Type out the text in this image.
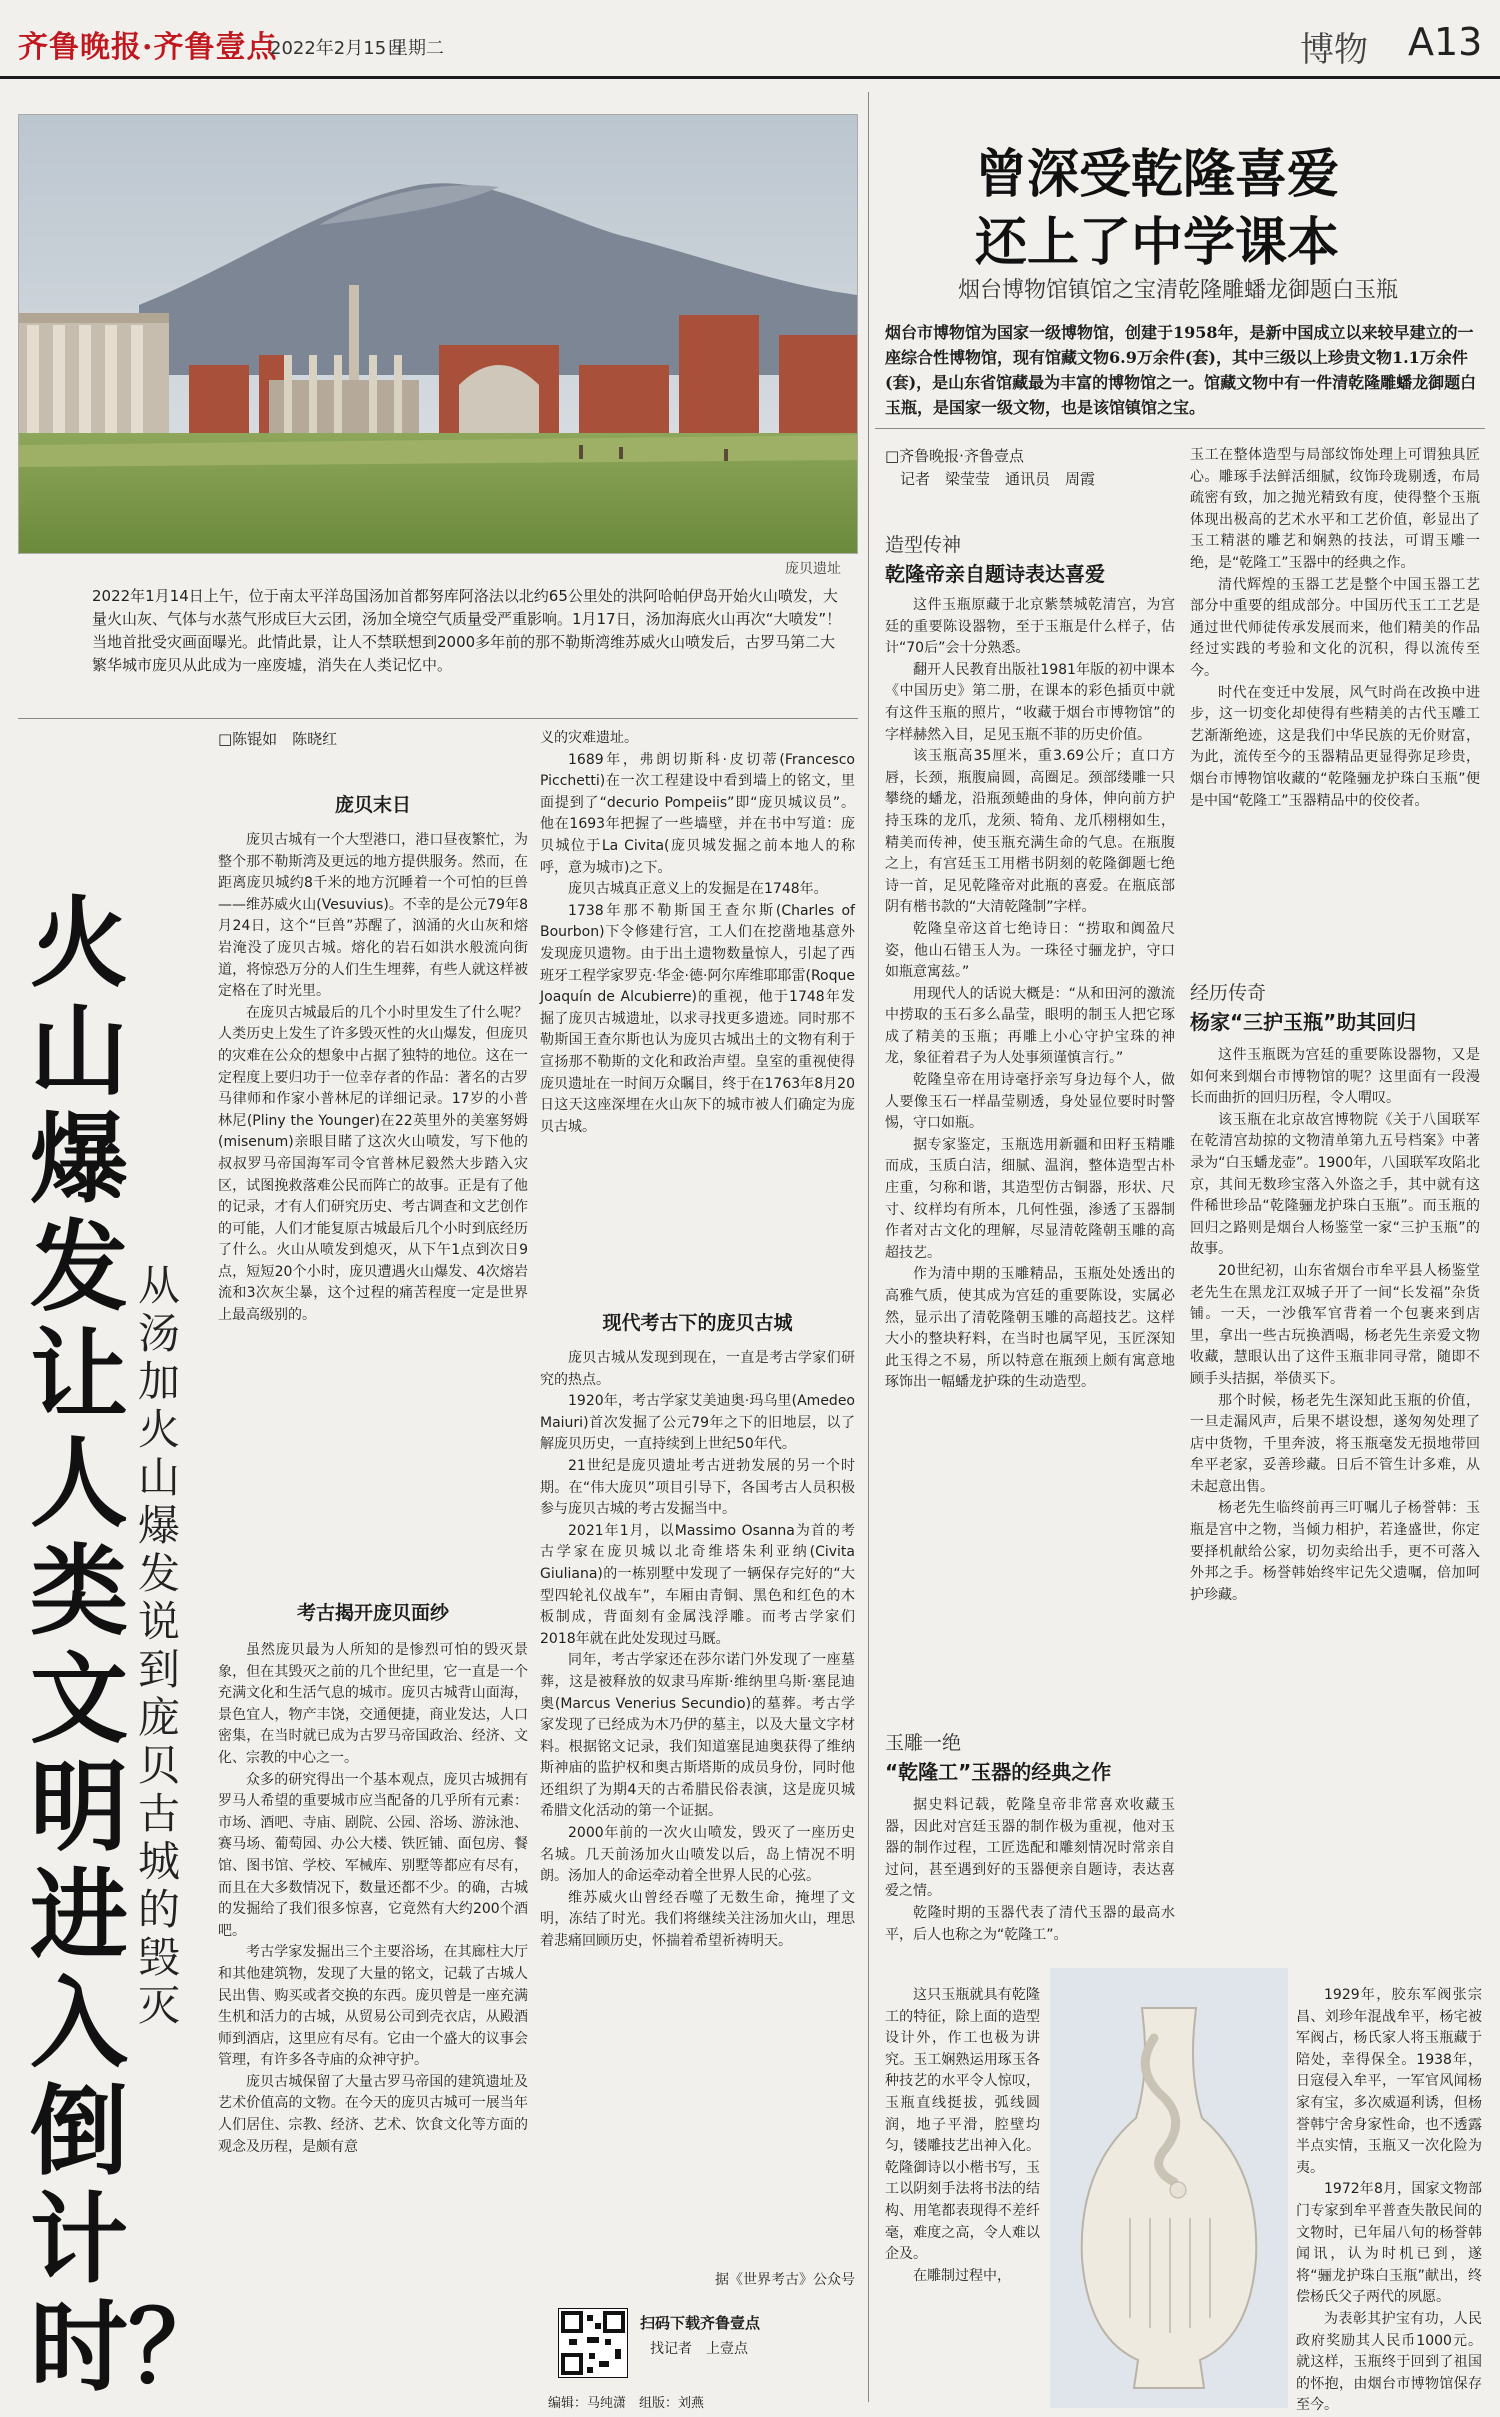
齐鲁晚报·齐鲁壹点
2022年2月15日
星期二	博物 A13
庞贝遗址
2022年1月14日上午，位于南太平洋岛国汤加首都努库阿洛法以北约65公里处的洪阿哈帕伊岛开始火山喷发，大量火山灰、气体与水蒸气形成巨大云团，汤加全境空气质量受严重影响。1月17日，汤加海底火山再次“大喷发”！当地首批受灾画面曝光。此情此景，让人不禁联想到2000多年前的那不勒斯湾维苏威火山喷发后，古罗马第二大繁华城市庞贝从此成为一座废墟，消失在人类记忆中。
曾深受乾隆喜爱
还上了中学课本
烟台博物馆镇馆之宝清乾隆雕蟠龙御题白玉瓶
烟台市博物馆为国家一级博物馆，创建于1958年，是新中国成立以来较早建立的一座综合性博物馆，现有馆藏文物6.9万余件(套)，其中三级以上珍贵文物1.1万余件(套)，是山东省馆藏最为丰富的博物馆之一。馆藏文物中有一件清乾隆雕蟠龙御题白玉瓶，是国家一级文物，也是该馆镇馆之宝。
火山爆发让人类文明进入倒计时？
从汤加火山爆发说到庞贝古城的毁灭
□陈锟如　陈晓红
庞贝末日

庞贝古城有一个大型港口，港口昼夜繁忙，为整个那不勒斯湾及更远的地方提供服务。然而，在距离庞贝城约8千米的地方沉睡着一个可怕的巨兽——维苏威火山(Vesuvius)。不幸的是公元79年8月24日，这个“巨兽”苏醒了，汹涌的火山灰和熔岩淹没了庞贝古城。熔化的岩石如洪水般流向街道，将惊恐万分的人们生生埋葬，有些人就这样被定格在了时光里。

在庞贝古城最后的几个小时里发生了什么呢？人类历史上发生了许多毁灭性的火山爆发，但庞贝的灾难在公众的想象中占据了独特的地位。这在一定程度上要归功于一位幸存者的作品：著名的古罗马律师和作家小普林尼的详细记录。17岁的小普林尼(Pliny the Younger)在22英里外的美塞努姆(misenum)亲眼目睹了这次火山喷发，写下他的叔叔罗马帝国海军司令官普林尼毅然大步踏入灾区，试图挽救落难公民而阵亡的故事。正是有了他的记录，才有人们研究历史、考古调查和文艺创作的可能，人们才能复原古城最后几个小时到底经历了什么。火山从喷发到熄灭，从下午1点到次日9点，短短20个小时，庞贝遭遇火山爆发、4次熔岩流和3次灰尘暴，这个过程的痛苦程度一定是世界上最高级别的。

考古揭开庞贝面纱

虽然庞贝最为人所知的是惨烈可怕的毁灭景象，但在其毁灭之前的几个世纪里，它一直是一个充满文化和生活气息的城市。庞贝古城背山面海，景色宜人，物产丰饶，交通便捷，商业发达，人口密集，在当时就已成为古罗马帝国政治、经济、文化、宗教的中心之一。

众多的研究得出一个基本观点，庞贝古城拥有罗马人希望的重要城市应当配备的几乎所有元素：市场、酒吧、寺庙、剧院、公园、浴场、游泳池、赛马场、葡萄园、办公大楼、铁匠铺、面包房、餐馆、图书馆、学校、军械库、别墅等都应有尽有，而且在大多数情况下，数量还都不少。的确，古城的发掘给了我们很多惊喜，它竟然有大约200个酒吧。

考古学家发掘出三个主要浴场，在其廊柱大厅和其他建筑物，发现了大量的铭文，记载了古城人民出售、购买或者交换的东西。庞贝曾是一座充满生机和活力的古城，从贸易公司到壳衣店，从殿酒师到酒店，这里应有尽有。它由一个盛大的议事会管理，有许多各寺庙的众神守护。

庞贝古城保留了大量古罗马帝国的建筑遗址及艺术价值高的文物。在今天的庞贝古城可一展当年人们居住、宗教、经济、艺术、饮食文化等方面的观念及历程，是颇有意

义的灾难遗址。

1689年，弗朗切斯科·皮切蒂(Francesco Picchetti)在一次工程建设中看到墙上的铭文，里面提到了“decurio Pompeiis”即“庞贝城议员”。他在1693年把握了一些墙壁，并在书中写道：庞贝城位于La Civita(庞贝城发掘之前本地人的称呼，意为城市)之下。

庞贝古城真正意义上的发掘是在1748年。

1738年那不勒斯国王查尔斯(Charles of Bourbon)下令修建行宫，工人们在挖凿地基意外发现庞贝遗物。由于出土遗物数量惊人，引起了西班牙工程学家罗克·华金·德·阿尔库维耶耶雷(Roque Joaquín de Alcubierre)的重视，他于1748年发掘了庞贝古城遗址，以求寻找更多遗迹。同时那不勒斯国王查尔斯也认为庞贝古城出土的文物有利于宣扬那不勒斯的文化和政治声望。皇室的重视使得庞贝遗址在一时间万众瞩目，终于在1763年8月20日这天这座深埋在火山灰下的城市被人们确定为庞贝古城。

现代考古下的庞贝古城

庞贝古城从发现到现在，一直是考古学家们研究的热点。

1920年，考古学家艾美迪奥·玛乌里(Amedeo Maiuri)首次发掘了公元79年之下的旧地层，以了解庞贝历史，一直持续到上世纪50年代。

21世纪是庞贝遗址考古迸勃发展的另一个时期。在“伟大庞贝”项目引导下，各国考古人员积极参与庞贝古城的考古发掘当中。

2021年1月，以Massimo Osanna为首的考古学家在庞贝城以北奇维塔朱利亚纳(Civita Giuliana)的一栋别墅中发现了一辆保存完好的“大型四轮礼仪战车”，车厢由青铜、黑色和红色的木板制成，背面刻有金属浅浮雕。而考古学家们2018年就在此处发现过马厩。

同年，考古学家还在莎尔诺门外发现了一座墓葬，这是被释放的奴隶马库斯·维纳里乌斯·塞昆迪奥(Marcus Venerius Secundio)的墓葬。考古学家发现了已经成为木乃伊的墓主，以及大量文字材料。根据铭文记录，我们知道塞昆迪奥获得了维纳斯神庙的监护权和奥古斯塔斯的成员身份，同时他还组织了为期4天的古希腊民俗表演，这是庞贝城希腊文化活动的第一个证据。

2000年前的一次火山喷发，毁灭了一座历史名城。几天前汤加火山喷发以后，岛上情况不明朗。汤加人的命运牵动着全世界人民的心弦。

维苏威火山曾经吞噬了无数生命，掩埋了文明，冻结了时光。我们将继续关注汤加火山，理思着悲痛回顾历史，怀揣着希望祈祷明天。

据《世界考古》公众号
扫码下载齐鲁壹点
找记者　上壹点
编辑：马纯潇　组版：刘燕
□齐鲁晚报·齐鲁壹点
记者　梁莹莹　通讯员　周霞
造型传神
乾隆帝亲自题诗表达喜爱

这件玉瓶原藏于北京紫禁城乾清宫，为宫廷的重要陈设器物，至于玉瓶是什么样子，估计“70后”会十分熟悉。

翻开人民教育出版社1981年版的初中课本《中国历史》第二册，在课本的彩色插页中就有这件玉瓶的照片，“收藏于烟台市博物馆”的字样赫然入目，足见玉瓶不菲的历史价值。

该玉瓶高35厘米，重3.69公斤；直口方唇，长颈，瓶腹扁圆，高圈足。颈部缕雕一只攀绕的蟠龙，沿瓶颈蜷曲的身体，伸向前方护持玉珠的龙爪，龙须、犄角、龙爪栩栩如生，精美而传神，使玉瓶充满生命的气息。在瓶腹之上，有宫廷玉工用楷书阴刻的乾隆御题七绝诗一首，足见乾隆帝对此瓶的喜爱。在瓶底部阴有楷书款的“大清乾隆制”字样。

乾隆皇帝这首七绝诗日：“捞取和阗盈尺姿，他山石错玉人为。一珠径寸骊龙护，守口如瓶意寓兹。”

用现代人的话说大概是：“从和田河的激流中捞取的玉石多么晶莹，眼明的制玉人把它琢成了精美的玉瓶；再雕上小心守护宝珠的神龙，象征着君子为人处事须谨慎言行。”

乾隆皇帝在用诗毫抒亲写身边每个人，做人要像玉石一样晶莹剔透，身处显位要时时警惕，守口如瓶。

据专家鉴定，玉瓶选用新疆和田籽玉精雕而成，玉质白洁，细腻、温润，整体造型古朴庄重，匀称和谐，其造型仿古铜器，形状、尺寸、纹样均有所本，几何性强，渗透了玉器制作者对古文化的理解，尽显清乾隆朝玉雕的高超技艺。

作为清中期的玉雕精品，玉瓶处处透出的高雅气质，使其成为宫廷的重要陈设，实属必然，显示出了清乾隆朝玉雕的高超技艺。这样大小的整块籽料，在当时也属罕见，玉匠深知此玉得之不易，所以特意在瓶颈上颇有寓意地琢饰出一幅蟠龙护珠的生动造型。

玉雕一绝
“乾隆工”玉器的经典之作

据史料记载，乾隆皇帝非常喜欢收藏玉器，因此对宫廷玉器的制作极为重视，他对玉器的制作过程，工匠选配和雕刻情况时常亲自过问，甚至遇到好的玉器便亲自题诗，表达喜爱之情。

乾隆时期的玉器代表了清代玉器的最高水平，后人也称之为“乾隆工”。

这只玉瓶就具有乾隆工的特征，除上面的造型设计外，作工也极为讲究。玉工娴熟运用琢玉各种技艺的水平令人惊叹，玉瓶直线挺拔，弧线圆润，地子平滑，腔壁均匀，镂雕技艺出神入化。乾隆御诗以小楷书写，玉工以阴刻手法将书法的结构、用笔都表现得不差纤毫，难度之高，令人难以企及。

在雕制过程中，

玉工在整体造型与局部纹饰处理上可谓独具匠心。雕琢手法鲜活细腻，纹饰玲珑剔透，布局疏密有致，加之抛光精致有度，使得整个玉瓶体现出极高的艺术水平和工艺价值，彰显出了玉工精湛的雕艺和娴熟的技法，可谓玉雕一绝，是“乾隆工”玉器中的经典之作。

清代辉煌的玉器工艺是整个中国玉器工艺部分中重要的组成部分。中国历代玉工工艺是通过世代师徒传承发展而来，他们精美的作品经过实践的考验和文化的沉积，得以流传至今。

时代在变迁中发展，风气时尚在改换中进步，这一切变化却使得有些精美的古代玉雕工艺渐渐绝迹，这是我们中华民族的无价财富，为此，流传至今的玉器精品更显得弥足珍贵，烟台市博物馆收藏的“乾隆骊龙护珠白玉瓶”便是中国“乾隆工”玉器精品中的佼佼者。

经历传奇
杨家“三护玉瓶”助其回归

这件玉瓶既为宫廷的重要陈设器物，又是如何来到烟台市博物馆的呢？这里面有一段漫长而曲折的回归历程，令人喟叹。

该玉瓶在北京故宫博物院《关于八国联军在乾清宫劫掠的文物清单第九五号档案》中著录为“白玉蟠龙壶”。1900年，八国联军攻陷北京，其间无数珍宝落入外盗之手，其中就有这件稀世珍品“乾隆骊龙护珠白玉瓶”。而玉瓶的回归之路则是烟台人杨鉴堂一家“三护玉瓶”的故事。

20世纪初，山东省烟台市牟平县人杨鉴堂老先生在黑龙江双城子开了一间“长发福”杂货铺。一天，一沙俄军官背着一个包裹来到店里，拿出一些古玩换酒喝，杨老先生亲爱文物收藏，慧眼认出了这件玉瓶非同寻常，随即不顾手头拮据，举债买下。

那个时候，杨老先生深知此玉瓶的价值，一旦走漏风声，后果不堪设想，遂匆匆处理了店中货物，千里奔波，将玉瓶毫发无损地带回牟平老家，妥善珍藏。日后不管生计多难，从未起意出售。

杨老先生临终前再三叮嘱儿子杨誉韩：玉瓶是宫中之物，当倾力相护，若逢盛世，你定要择机献给公家，切勿卖给出手，更不可落入外邦之手。杨誉韩始终牢记先父遗嘱，倍加呵护珍藏。

1929年，胶东军阀张宗昌、刘珍年混战牟平，杨宅被军阀占，杨氏家人将玉瓶藏于陪处，幸得保全。1938年，日寇侵入牟平，一军官风闻杨家有宝，多次威逼利诱，但杨誉韩宁舍身家性命，也不透露半点实情，玉瓶又一次化险为夷。

1972年8月，国家文物部门专家到牟平普查失散民间的文物时，已年届八旬的杨誉韩闻讯，认为时机已到，遂将“骊龙护珠白玉瓶”献出，终偿杨氏父子两代的夙愿。

为表彰其护宝有功，人民政府奖励其人民币1000元。就这样，玉瓶终于回到了祖国的怀抱，由烟台市博物馆保存至今。
